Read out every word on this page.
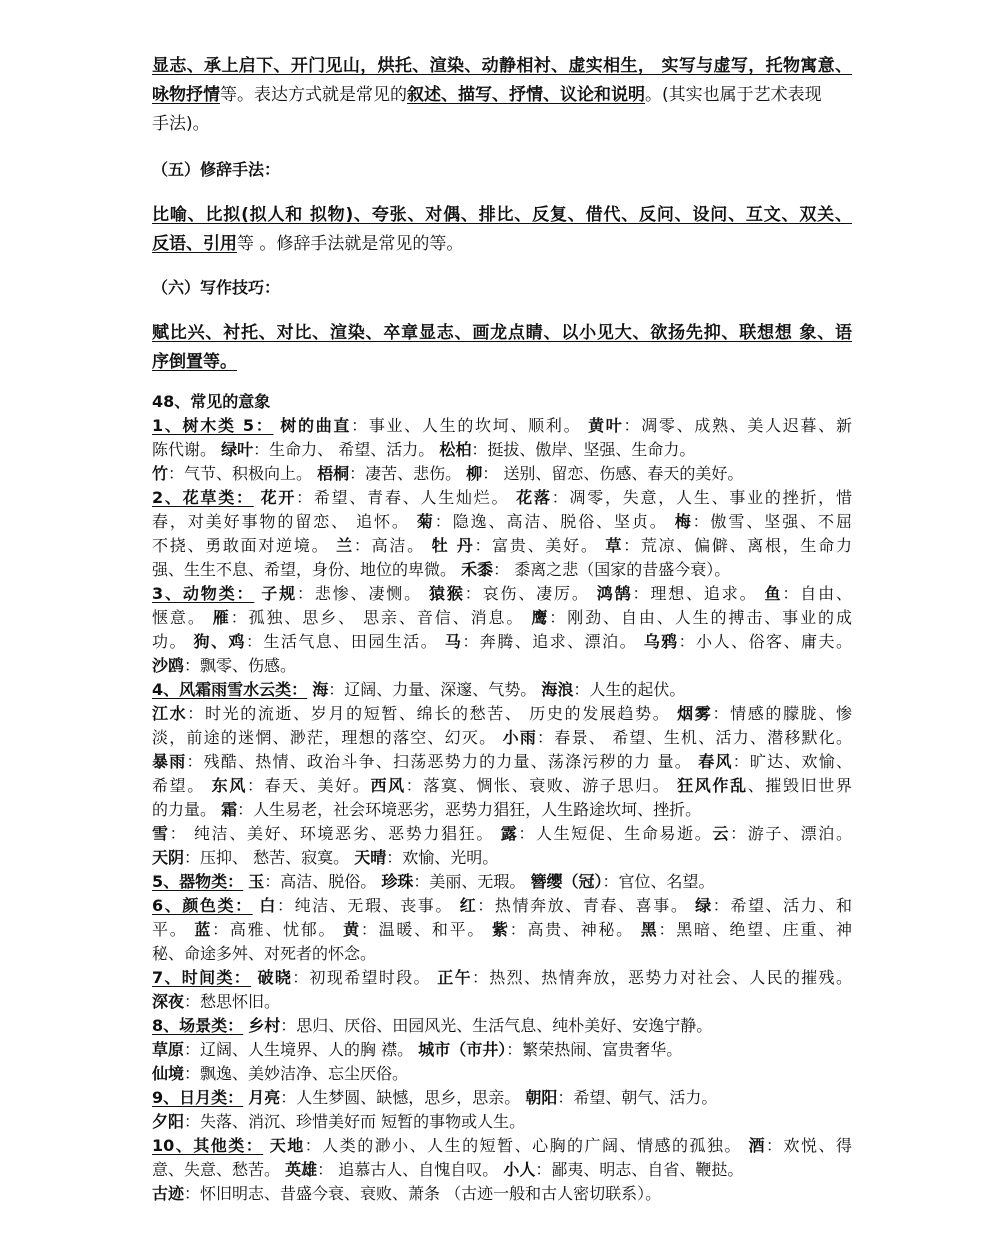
显志、承上启下、开门见山，烘托、渲染、动静相衬、虚实相生， 实写与虚写，托物寓意、
咏物抒情等。表达方式就是常见的叙述、描写、抒情、议论和说明。(其实也属于艺术表现
手法)。
（五）修辞手法：
比喻、比拟(拟人和 拟物)、夸张、对偶、排比、反复、借代、反问、设问、互文、双关、
反语、引用等 。修辞手法就是常见的等。
（六）写作技巧：
赋比兴、衬托、对比、渲染、卒章显志、画龙点睛、以小见大、欲扬先抑、联想想 象、语
序倒置等。
48、常见的意象
1、树木类 5： 树的曲直：事业、人生的坎坷、顺利。 黄叶：凋零、成熟、美人迟暮、新
陈代谢。 绿叶：生命力、 希望、活力。 松柏：挺拔、傲岸、坚强、生命力。
竹：气节、积极向上。 梧桐：凄苦、悲伤。 柳： 送别、留恋、伤感、春天的美好。
2、花草类： 花开：希望、青春、人生灿烂。 花落：凋零，失意，人生、事业的挫折，惜
春，对美好事物的留恋、 追怀。 菊：隐逸、高洁、脱俗、坚贞。 梅：傲雪、坚强、不屈
不挠、勇敢面对逆境。 兰：高洁。 牡 丹：富贵、美好。 草：荒凉、偏僻、离根，生命力
强、生生不息、希望，身份、地位的卑微。 禾黍： 黍离之悲（国家的昔盛今衰）。
3、动物类： 子规：悲惨、凄恻。 猿猴：哀伤、凄厉。 鸿鹄：理想、追求。 鱼：自由、
惬意。 雁：孤独、思乡、 思亲、音信、消息。 鹰：刚劲、自由、人生的搏击、事业的成
功。 狗、鸡：生活气息、田园生活。 马：奔腾、追求、漂泊。 乌鸦：小人、俗客、庸夫。
沙鸥：飘零、伤感。
4、风霜雨雪水云类： 海：辽阔、力量、深邃、气势。 海浪：人生的起伏。
江水：时光的流逝、岁月的短暂、绵长的愁苦、 历史的发展趋势。 烟雾：情感的朦胧、惨
淡，前途的迷惘、渺茫，理想的落空、幻灭。 小雨：春景、 希望、生机、活力、潜移默化。
暴雨：残酷、热情、政治斗争、扫荡恶势力的力量、荡涤污秽的力 量。 春风：旷达、欢愉、
希望。 东风：春天、美好。西风：落寞、惆怅、衰败、游子思归。 狂风作乱、摧毁旧世界
的力量。 霜：人生易老，社会环境恶劣，恶势力猖狂，人生路途坎坷、挫折。
雪： 纯洁、美好、环境恶劣、恶势力猖狂。 露：人生短促、生命易逝。云：游子、漂泊。
天阴：压抑、 愁苦、寂寞。 天晴：欢愉、光明。
5、器物类： 玉：高洁、脱俗。 珍珠：美丽、无瑕。 簪缨（冠）：官位、名望。
6、颜色类： 白：纯洁、无瑕、丧事。 红：热情奔放、青春、喜事。 绿：希望、活力、和
平。 蓝：高雅、忧郁。 黄：温暖、和平。 紫：高贵、神秘。 黑：黑暗、绝望、庄重、神
秘、命途多舛、对死者的怀念。
7、时间类： 破晓：初现希望时段。 正午：热烈、热情奔放，恶势力对社会、人民的摧残。
深夜：愁思怀旧。
8、场景类： 乡村：思归、厌俗、田园风光、生活气息、纯朴美好、安逸宁静。
草原：辽阔、人生境界、人的胸 襟。 城市（市井）：繁荣热闹、富贵奢华。
仙境：飘逸、美妙洁净、忘尘厌俗。
9、日月类： 月亮：人生梦圆、缺憾，思乡，思亲。 朝阳：希望、朝气、活力。
夕阳：失落、消沉、珍惜美好而 短暂的事物或人生。
10、其他类： 天地：人类的渺小、人生的短暂、心胸的广阔、情感的孤独。 酒：欢悦、得
意、失意、愁苦。 英雄： 追慕古人、自愧自叹。 小人：鄙夷、明志、自省、鞭挞。
古迹：怀旧明志、昔盛今衰、衰败、萧条 （古迹一般和古人密切联系）。
